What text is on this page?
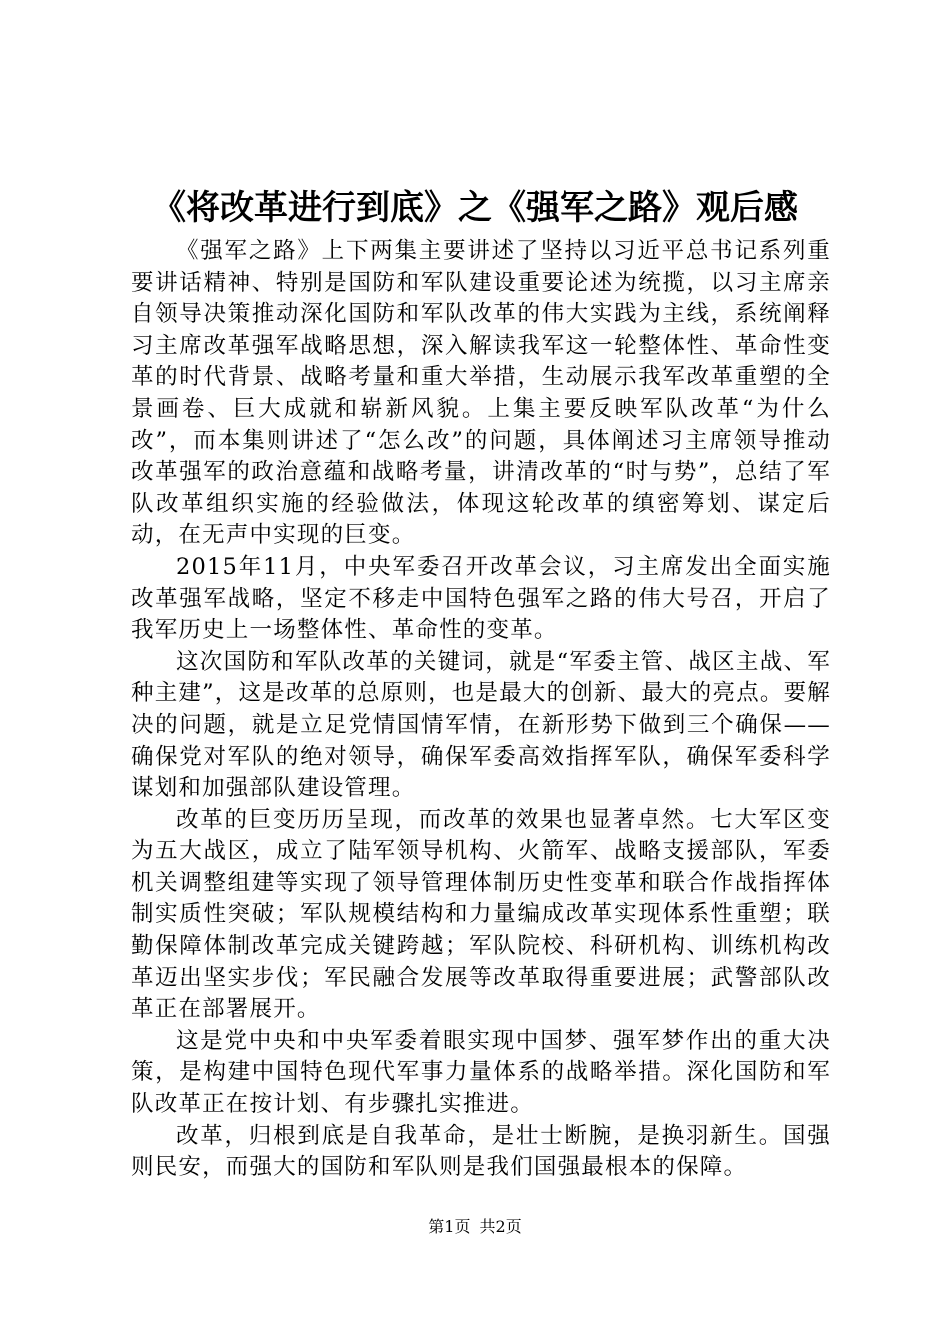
《将改革进行到底》之《强军之路》观后感

《强军之路》上下两集主要讲述了坚持以习近平总书记系列重要讲话精神、特别是国防和军队建设重要论述为统揽，以习主席亲自领导决策推动深化国防和军队改革的伟大实践为主线，系统阐释习主席改革强军战略思想，深入解读我军这一轮整体性、革命性变革的时代背景、战略考量和重大举措，生动展示我军改革重塑的全景画卷、巨大成就和崭新风貌。上集主要反映军队改革“为什么改”，而本集则讲述了“怎么改”的问题，具体阐述习主席领导推动改革强军的政治意蕴和战略考量，讲清改革的“时与势”，总结了军队改革组织实施的经验做法，体现这轮改革的缜密筹划、谋定后动，在无声中实现的巨变。

2015年11月，中央军委召开改革会议，习主席发出全面实施改革强军战略，坚定不移走中国特色强军之路的伟大号召，开启了我军历史上一场整体性、革命性的变革。

这次国防和军队改革的关键词，就是“军委主管、战区主战、军种主建”，这是改革的总原则，也是最大的创新、最大的亮点。要解决的问题，就是立足党情国情军情，在新形势下做到三个确保——确保党对军队的绝对领导，确保军委高效指挥军队，确保军委科学谋划和加强部队建设管理。

改革的巨变历历呈现，而改革的效果也显著卓然。七大军区变为五大战区，成立了陆军领导机构、火箭军、战略支援部队，军委机关调整组建等实现了领导管理体制历史性变革和联合作战指挥体制实质性突破；军队规模结构和力量编成改革实现体系性重塑；联勤保障体制改革完成关键跨越；军队院校、科研机构、训练机构改革迈出坚实步伐；军民融合发展等改革取得重要进展；武警部队改革正在部署展开。

这是党中央和中央军委着眼实现中国梦、强军梦作出的重大决策，是构建中国特色现代军事力量体系的战略举措。深化国防和军队改革正在按计划、有步骤扎实推进。

改革，归根到底是自我革命，是壮士断腕，是换羽新生。国强则民安，而强大的国防和军队则是我们国强最根本的保障。

第1页 共2页
